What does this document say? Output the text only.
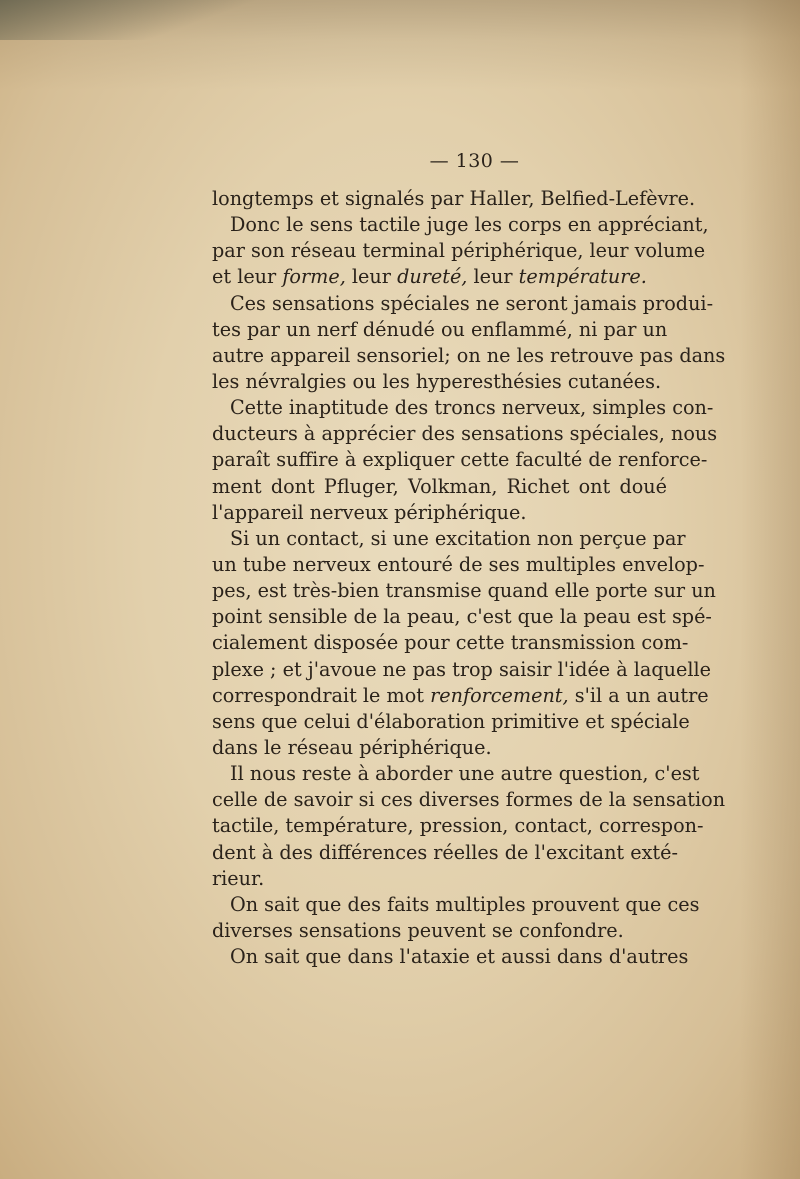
— 130 —
longtemps et signalés par Haller, Belfied-Lefèvre.
Donc le sens tactile juge les corps en appréciant,
par son réseau terminal périphérique, leur volume
et leur forme, leur dureté, leur température.
Ces sensations spéciales ne seront jamais produi-
tes par un nerf dénudé ou enflammé, ni par un
autre appareil sensoriel; on ne les retrouve pas dans
les névralgies ou les hyperesthésies cutanées.
Cette inaptitude des troncs nerveux, simples con-
ducteurs à apprécier des sensations spéciales, nous
paraît suffire à expliquer cette faculté de renforce-
ment dont Pfluger, Volkman, Richet ont doué
l'appareil nerveux périphérique.
Si un contact, si une excitation non perçue par
un tube nerveux entouré de ses multiples envelop-
pes, est très-bien transmise quand elle porte sur un
point sensible de la peau, c'est que la peau est spé-
cialement disposée pour cette transmission com-
plexe ; et j'avoue ne pas trop saisir l'idée à laquelle
correspondrait le mot renforcement, s'il a un autre
sens que celui d'élaboration primitive et spéciale
dans le réseau périphérique.
Il nous reste à aborder une autre question, c'est
celle de savoir si ces diverses formes de la sensation
tactile, température, pression, contact, correspon-
dent à des différences réelles de l'excitant exté-
rieur.
On sait que des faits multiples prouvent que ces
diverses sensations peuvent se confondre.
On sait que dans l'ataxie et aussi dans d'autres
